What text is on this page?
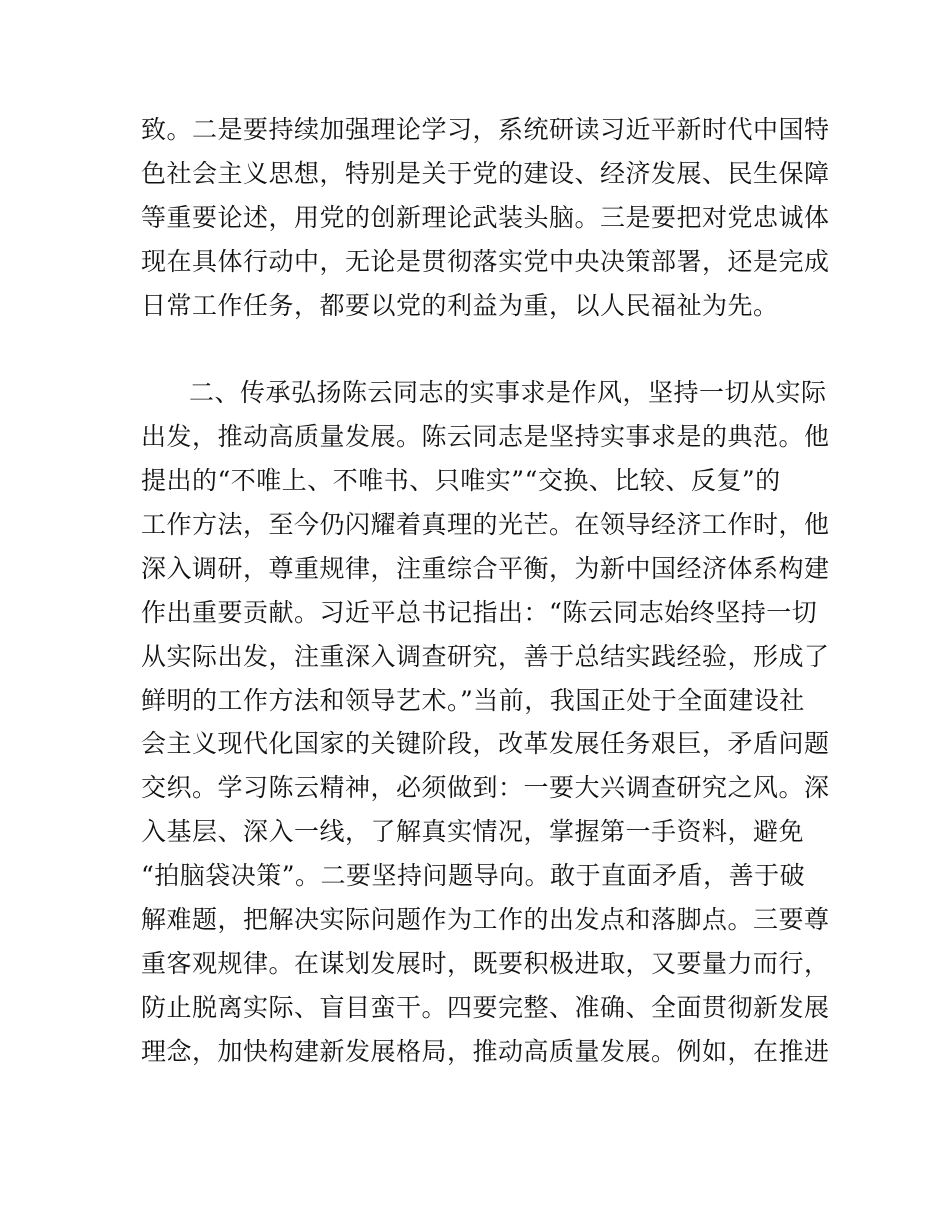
致。二是要持续加强理论学习，系统研读习近平新时代中国特
色社会主义思想，特别是关于党的建设、经济发展、民生保障
等重要论述，用党的创新理论武装头脑。三是要把对党忠诚体
现在具体行动中，无论是贯彻落实党中央决策部署，还是完成
日常工作任务，都要以党的利益为重，以人民福祉为先。
二、传承弘扬陈云同志的实事求是作风，坚持一切从实际
出发，推动高质量发展。陈云同志是坚持实事求是的典范。他
提出的“不唯上、不唯书、只唯实”“交换、比较、反复”的
工作方法，至今仍闪耀着真理的光芒。在领导经济工作时，他
深入调研，尊重规律，注重综合平衡，为新中国经济体系构建
作出重要贡献。习近平总书记指出：“陈云同志始终坚持一切
从实际出发，注重深入调查研究，善于总结实践经验，形成了
鲜明的工作方法和领导艺术。”当前，我国正处于全面建设社
会主义现代化国家的关键阶段，改革发展任务艰巨，矛盾问题
交织。学习陈云精神，必须做到：一要大兴调查研究之风。深
入基层、深入一线，了解真实情况，掌握第一手资料，避免
“拍脑袋决策”。二要坚持问题导向。敢于直面矛盾，善于破
解难题，把解决实际问题作为工作的出发点和落脚点。三要尊
重客观规律。在谋划发展时，既要积极进取，又要量力而行，
防止脱离实际、盲目蛮干。四要完整、准确、全面贯彻新发展
理念，加快构建新发展格局，推动高质量发展。例如，在推进
